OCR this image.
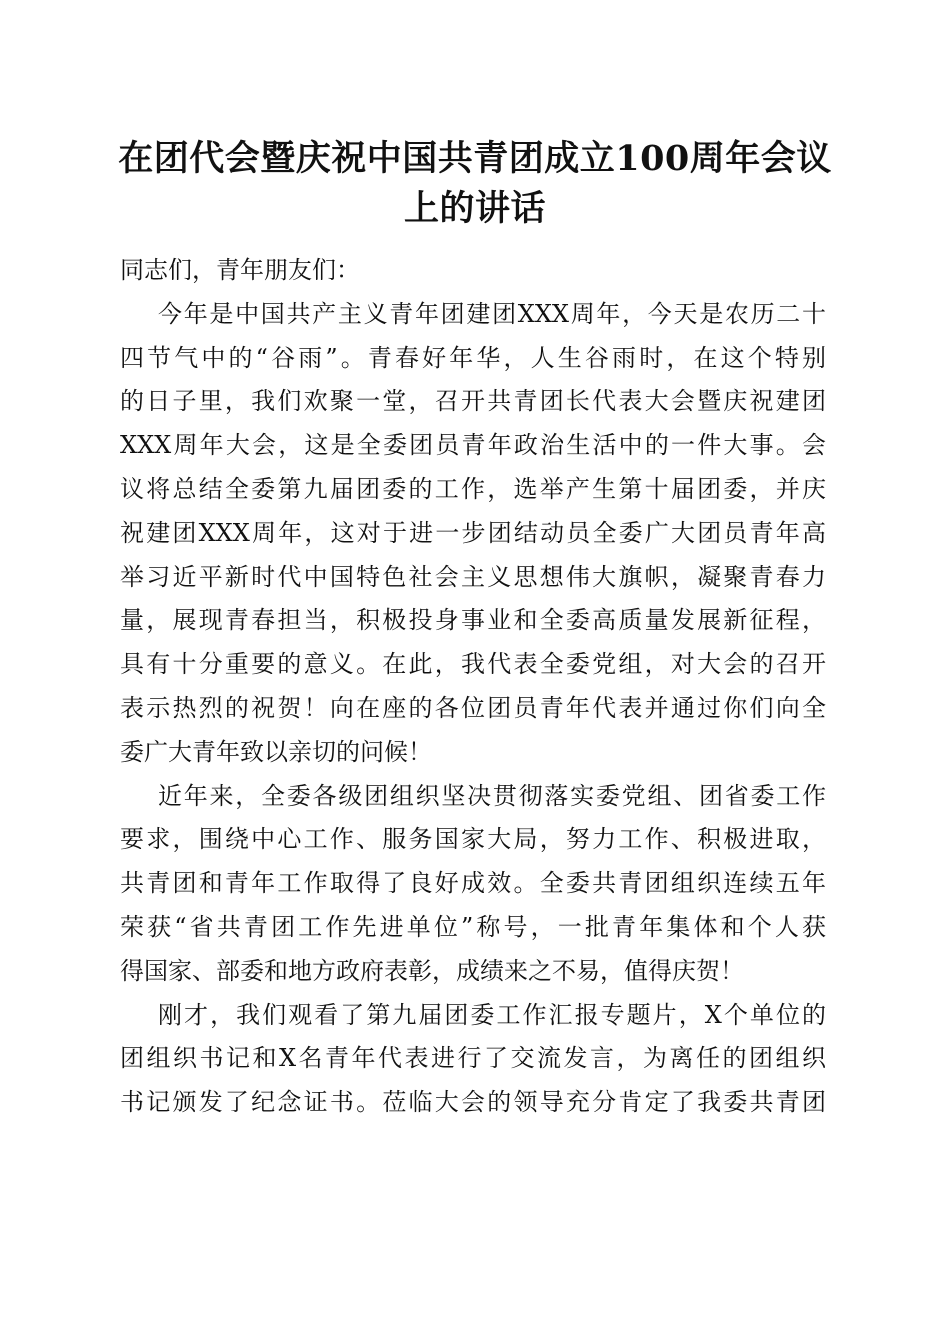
在团代会暨庆祝中国共青团成立100周年会议
上的讲话
同志们，青年朋友们：
今年是中国共产主义青年团建团XXX周年，今天是农历二十
四节气中的“谷雨”。青春好年华，人生谷雨时，在这个特别
的日子里，我们欢聚一堂，召开共青团长代表大会暨庆祝建团
XXX周年大会，这是全委团员青年政治生活中的一件大事。会
议将总结全委第九届团委的工作，选举产生第十届团委，并庆
祝建团XXX周年，这对于进一步团结动员全委广大团员青年高
举习近平新时代中国特色社会主义思想伟大旗帜，凝聚青春力
量，展现青春担当，积极投身事业和全委高质量发展新征程，
具有十分重要的意义。在此，我代表全委党组，对大会的召开
表示热烈的祝贺！向在座的各位团员青年代表并通过你们向全
委广大青年致以亲切的问候！
近年来，全委各级团组织坚决贯彻落实委党组、团省委工作
要求，围绕中心工作、服务国家大局，努力工作、积极进取，
共青团和青年工作取得了良好成效。全委共青团组织连续五年
荣获“省共青团工作先进单位”称号，一批青年集体和个人获
得国家、部委和地方政府表彰，成绩来之不易，值得庆贺！
刚才，我们观看了第九届团委工作汇报专题片，X个单位的
团组织书记和X名青年代表进行了交流发言，为离任的团组织
书记颁发了纪念证书。莅临大会的领导充分肯定了我委共青团
